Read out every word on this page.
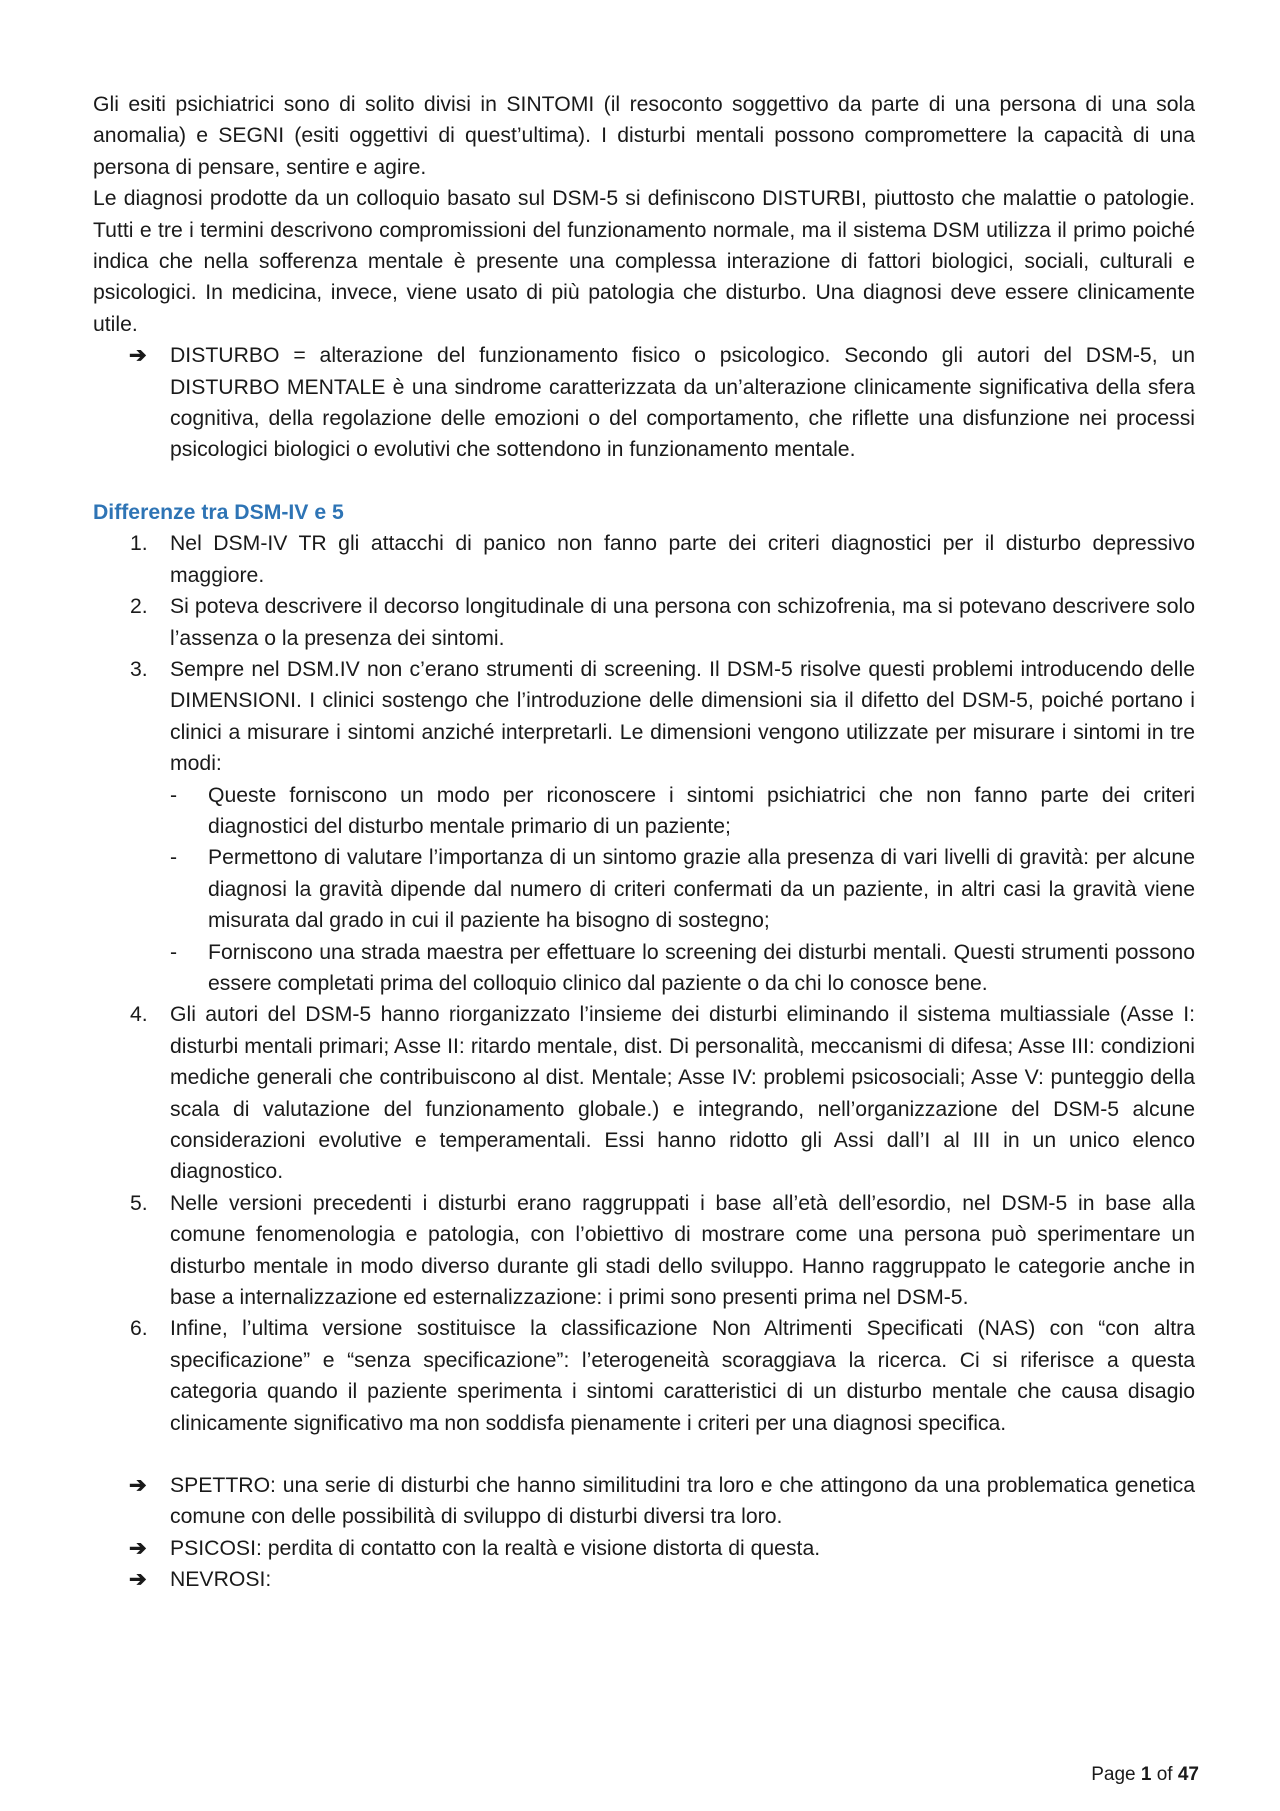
Gli esiti psichiatrici sono di solito divisi in SINTOMI (il resoconto soggettivo da parte di una persona di una sola anomalia) e SEGNI (esiti oggettivi di quest’ultima). I disturbi mentali possono compromettere la capacità di una persona di pensare, sentire e agire.

Le diagnosi prodotte da un colloquio basato sul DSM-5 si definiscono DISTURBI, piuttosto che malattie o patologie. Tutti e tre i termini descrivono compromissioni del funzionamento normale, ma il sistema DSM utilizza il primo poiché indica che nella sofferenza mentale è presente una complessa interazione di fattori biologici, sociali, culturali e psicologici. In medicina, invece, viene usato di più patologia che disturbo. Una diagnosi deve essere clinicamente utile.

➔ DISTURBO = alterazione del funzionamento fisico o psicologico. Secondo gli autori del DSM-5, un DISTURBO MENTALE è una sindrome caratterizzata da un’alterazione clinicamente significativa della sfera cognitiva, della regolazione delle emozioni o del comportamento, che riflette una disfunzione nei processi psicologici biologici o evolutivi che sottendono in funzionamento mentale.
Differenze tra DSM-IV e 5
1. Nel DSM-IV TR gli attacchi di panico non fanno parte dei criteri diagnostici per il disturbo depressivo maggiore.
2. Si poteva descrivere il decorso longitudinale di una persona con schizofrenia, ma si potevano descrivere solo l’assenza o la presenza dei sintomi.
3. Sempre nel DSM.IV non c’erano strumenti di screening. Il DSM-5 risolve questi problemi introducendo delle DIMENSIONI. I clinici sostengo che l’introduzione delle dimensioni sia il difetto del DSM-5, poiché portano i clinici a misurare i sintomi anziché interpretarli. Le dimensioni vengono utilizzate per misurare i sintomi in tre modi:
- Queste forniscono un modo per riconoscere i sintomi psichiatrici che non fanno parte dei criteri diagnostici del disturbo mentale primario di un paziente;
- Permettono di valutare l’importanza di un sintomo grazie alla presenza di vari livelli di gravità: per alcune diagnosi la gravità dipende dal numero di criteri confermati da un paziente, in altri casi la gravità viene misurata dal grado in cui il paziente ha bisogno di sostegno;
- Forniscono una strada maestra per effettuare lo screening dei disturbi mentali. Questi strumenti possono essere completati prima del colloquio clinico dal paziente o da chi lo conosce bene.
4. Gli autori del DSM-5 hanno riorganizzato l’insieme dei disturbi eliminando il sistema multiassiale (Asse I: disturbi mentali primari; Asse II: ritardo mentale, dist. Di personalità, meccanismi di difesa; Asse III: condizioni mediche generali che contribuiscono al dist. Mentale; Asse IV: problemi psicosociali; Asse V: punteggio della scala di valutazione del funzionamento globale.) e integrando, nell’organizzazione del DSM-5 alcune considerazioni evolutive e temperamentali. Essi hanno ridotto gli Assi dall’I al III in un unico elenco diagnostico.
5. Nelle versioni precedenti i disturbi erano raggruppati i base all’età dell’esordio, nel DSM-5 in base alla comune fenomenologia e patologia, con l’obiettivo di mostrare come una persona può sperimentare un disturbo mentale in modo diverso durante gli stadi dello sviluppo. Hanno raggruppato le categorie anche in base a internalizzazione ed esternalizzazione: i primi sono presenti prima nel DSM-5.
6. Infine, l’ultima versione sostituisce la classificazione Non Altrimenti Specificati (NAS) con “con altra specificazione” e “senza specificazione”: l’eterogeneità scoraggiava la ricerca. Ci si riferisce a questa categoria quando il paziente sperimenta i sintomi caratteristici di un disturbo mentale che causa disagio clinicamente significativo ma non soddisfa pienamente i criteri per una diagnosi specifica.
➔ SPETTRO: una serie di disturbi che hanno similitudini tra loro e che attingono da una problematica genetica comune con delle possibilità di sviluppo di disturbi diversi tra loro.
➔ PSICOSI: perdita di contatto con la realtà e visione distorta di questa.
➔ NEVROSI:
Page 1 of 47
